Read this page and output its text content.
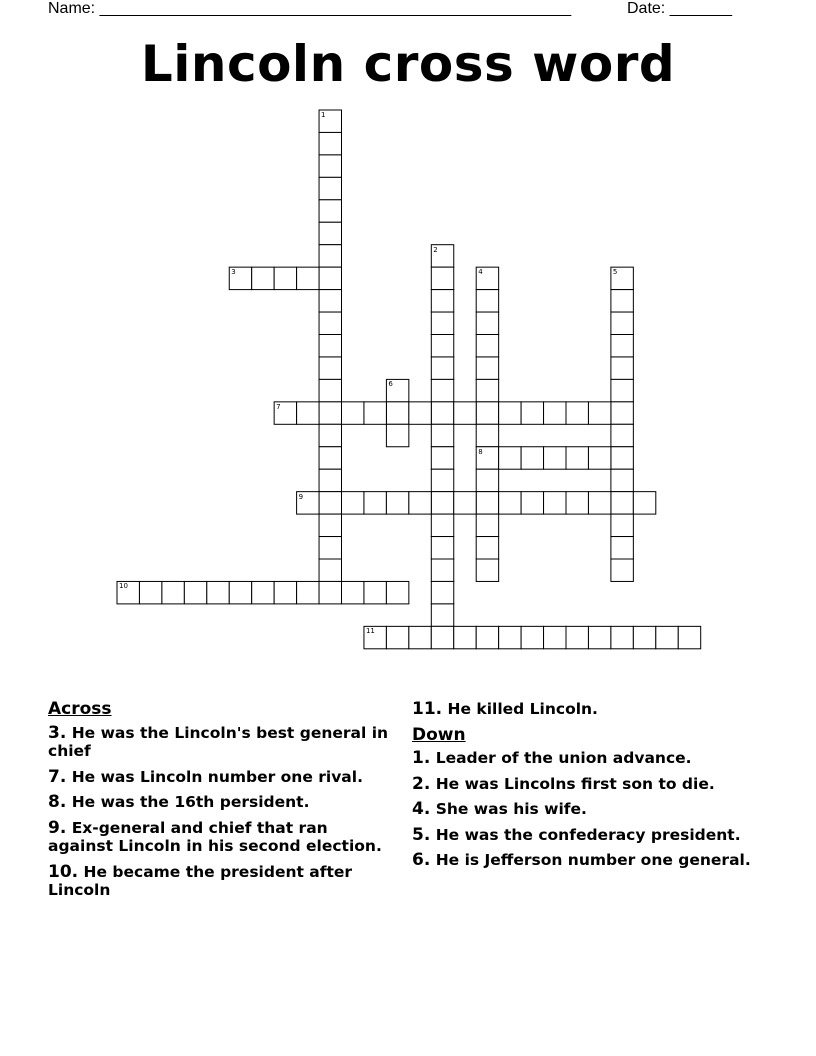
Name: _____________________________________________________	Date: _______
Lincoln cross word
1
2
3	4	5
6
7
8
9
10
11
Across
3. He was the Lincoln's best general in chief
7. He was Lincoln number one rival.
8. He was the 16th persident.
9. Ex-general and chief that ran against Lincoln in his second election.
10. He became the president after Lincoln
11. He killed Lincoln.
Down
1. Leader of the union advance.
2. He was Lincolns first son to die.
4. She was his wife.
5. He was the confederacy president.
6. He is Jefferson number one general.
